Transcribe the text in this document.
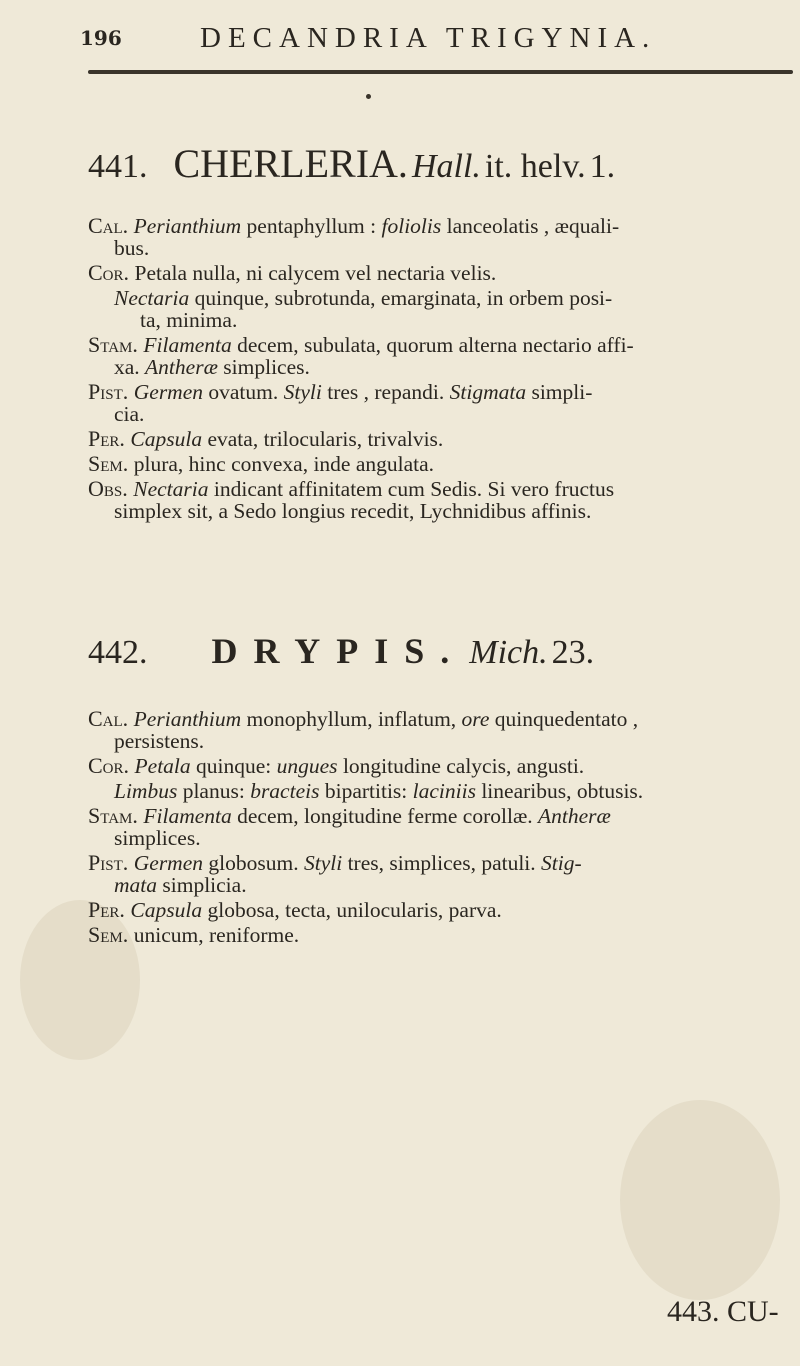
196	DECANDRIA TRIGYNIA.
441. CHERLERIA. Hall. it. helv. 1.

Cal. Perianthium pentaphyllum : foliolis lanceolatis , æquali-
bus.

Cor. Petala nulla, ni calycem vel nectaria velis.

Nectaria quinque, subrotunda, emarginata, in orbem posi-
ta, minima.

Stam. Filamenta decem, subulata, quorum alterna nectario affi-
xa. Antheræ simplices.

Pist. Germen ovatum. Styli tres , repandi. Stigmata simpli-
cia.

Per. Capsula evata, trilocularis, trivalvis.

Sem. plura, hinc convexa, inde angulata.

Obs. Nectaria indicant affinitatem cum Sedis. Si vero fructus
simplex sit, a Sedo longius recedit, Lychnidibus affinis.

442. DRYPIS. Mich. 23.

Cal. Perianthium monophyllum, inflatum, ore quinquedentato ,
persistens.

Cor. Petala quinque: ungues longitudine calycis, angusti.

Limbus planus: bracteis bipartitis: laciniis linearibus, obtusis.

Stam. Filamenta decem, longitudine ferme corollæ. Antheræ
simplices.

Pist. Germen globosum. Styli tres, simplices, patuli. Stig-
mata simplicia.

Per. Capsula globosa, tecta, unilocularis, parva.

Sem. unicum, reniforme.

443. CU-
